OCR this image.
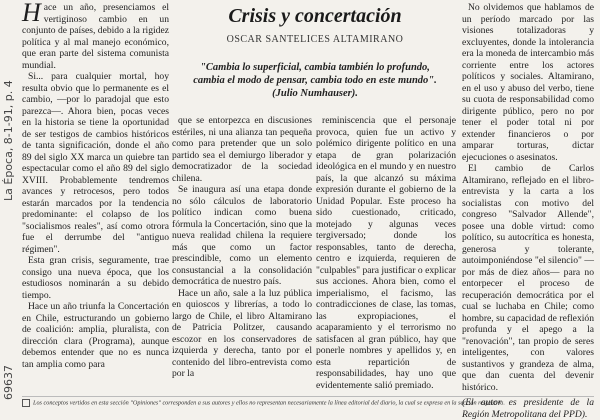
69637 La Época, 8-1-91, p. 4

Hace un año, presenciamos el vertiginoso cambio en un conjunto de países, debido a la rigidez política y al mal manejo económico, que eran parte del sistema comunista mundial.

Si... para cualquier mortal, hoy resulta obvio que lo permanente es el cambio, —por lo paradojal que esto parezca—. Ahora bien, pocas veces en la historia se tiene la oportunidad de ser testigos de cambios históricos de tanta significación, donde el año 89 del siglo XX marca un quiebre tan espectacular como el año 89 del siglo XVIII. Probablemente tendremos avances y retrocesos, pero todos estarán marcados por la tendencia predominante: el colapso de los "socialismos reales", así como otrora fue el derrumbe del "antiguo régimen".

Esta gran crisis, seguramente, trae consigo una nueva época, que los estudiosos nominarán a su debido tiempo.

Hace un año triunfa la Concertación en Chile, estructurando un gobierno de coalición: amplia, pluralista, con dirección clara (Programa), aunque debemos entender que no es nunca tan amplia como para

Crisis y concertación
OSCAR SANTELICES ALTAMIRANO
"Cambia lo superficial, cambia también lo profundo, cambia el modo de pensar, cambia todo en este mundo". (Julio Numhauser).

que se entorpezca en discusiones estériles, ni una alianza tan pequeña como para pretender que un solo partido sea el demiurgo liberador y democratizador de la sociedad chilena.

Se inaugura así una etapa donde no sólo cálculos de laboratorio político indican como buena fórmula la Concertación, sino que la nueva realidad chilena la requiere más que como un factor prescindible, como un elemento consustancial a la consolidación democrática de nuestro país.

Hace un año, sale a la luz pública en quioscos y librerías, a todo lo largo de Chile, el libro Altamirano de Patricia Politzer, causando escozor en los conservadores de izquierda y derecha, tanto por el contenido del libro-entrevista como por la

reminiscencia que el personaje provoca, quien fue un activo y polémico dirigente político en una etapa de gran polarización ideológica en el mundo y en nuestro país, la que alcanzó su máxima expresión durante el gobierno de la Unidad Popular. Este proceso ha sido cuestionado, criticado, motejado y algunas veces tergiversado; donde los responsables, tanto de derecha, centro e izquierda, requieren de "culpables" para justificar o explicar sus acciones. Ahora bien, como el imperialismo, el facismo, las contradicciones de clase, las tomas, las expropiaciones, el acaparamiento y el terrorismo no satisfacen al gran público, hay que ponerle nombres y apellidos y, en esta repartición de responsabilidades, hay uno que evidentemente salió premiado.

No olvidemos que hablamos de un período marcado por las visiones totalizadoras y excluyentes, donde la intolerancia era la moneda de intercambio más corriente entre los actores políticos y sociales. Altamirano, en el uso y abuso del verbo, tiene su cuota de responsabilidad como dirigente público, pero no por tener el poder total ni por extender financieros o por amparar torturas, dictar ejecuciones o asesinatos.

El cambio de Carlos Altamirano, reflejado en el libro-entrevista y la carta a los socialistas con motivo del congreso "Salvador Allende", posee una doble virtud: como político, su autocrítica es honesta, generosa y tolerante, autoimponiéndose "el silencio" —por más de diez años— para no entorpecer el proceso de recuperación democrática por el cual se luchaba en Chile; como hombre, su capacidad de reflexión profunda y el apego a la "renovación", tan propio de seres inteligentes, con valores sustantivos y grandeza de alma, que dan cuenta del devenir histórico.

(El autor es presidente de la Región Metropolitana del PPD).
Los conceptos vertidos en esta sección "Opiniones" corresponden a sus autores y ellos no representan necesariamente la línea editorial del diario, la cual se expresa en la sección respectiva.
